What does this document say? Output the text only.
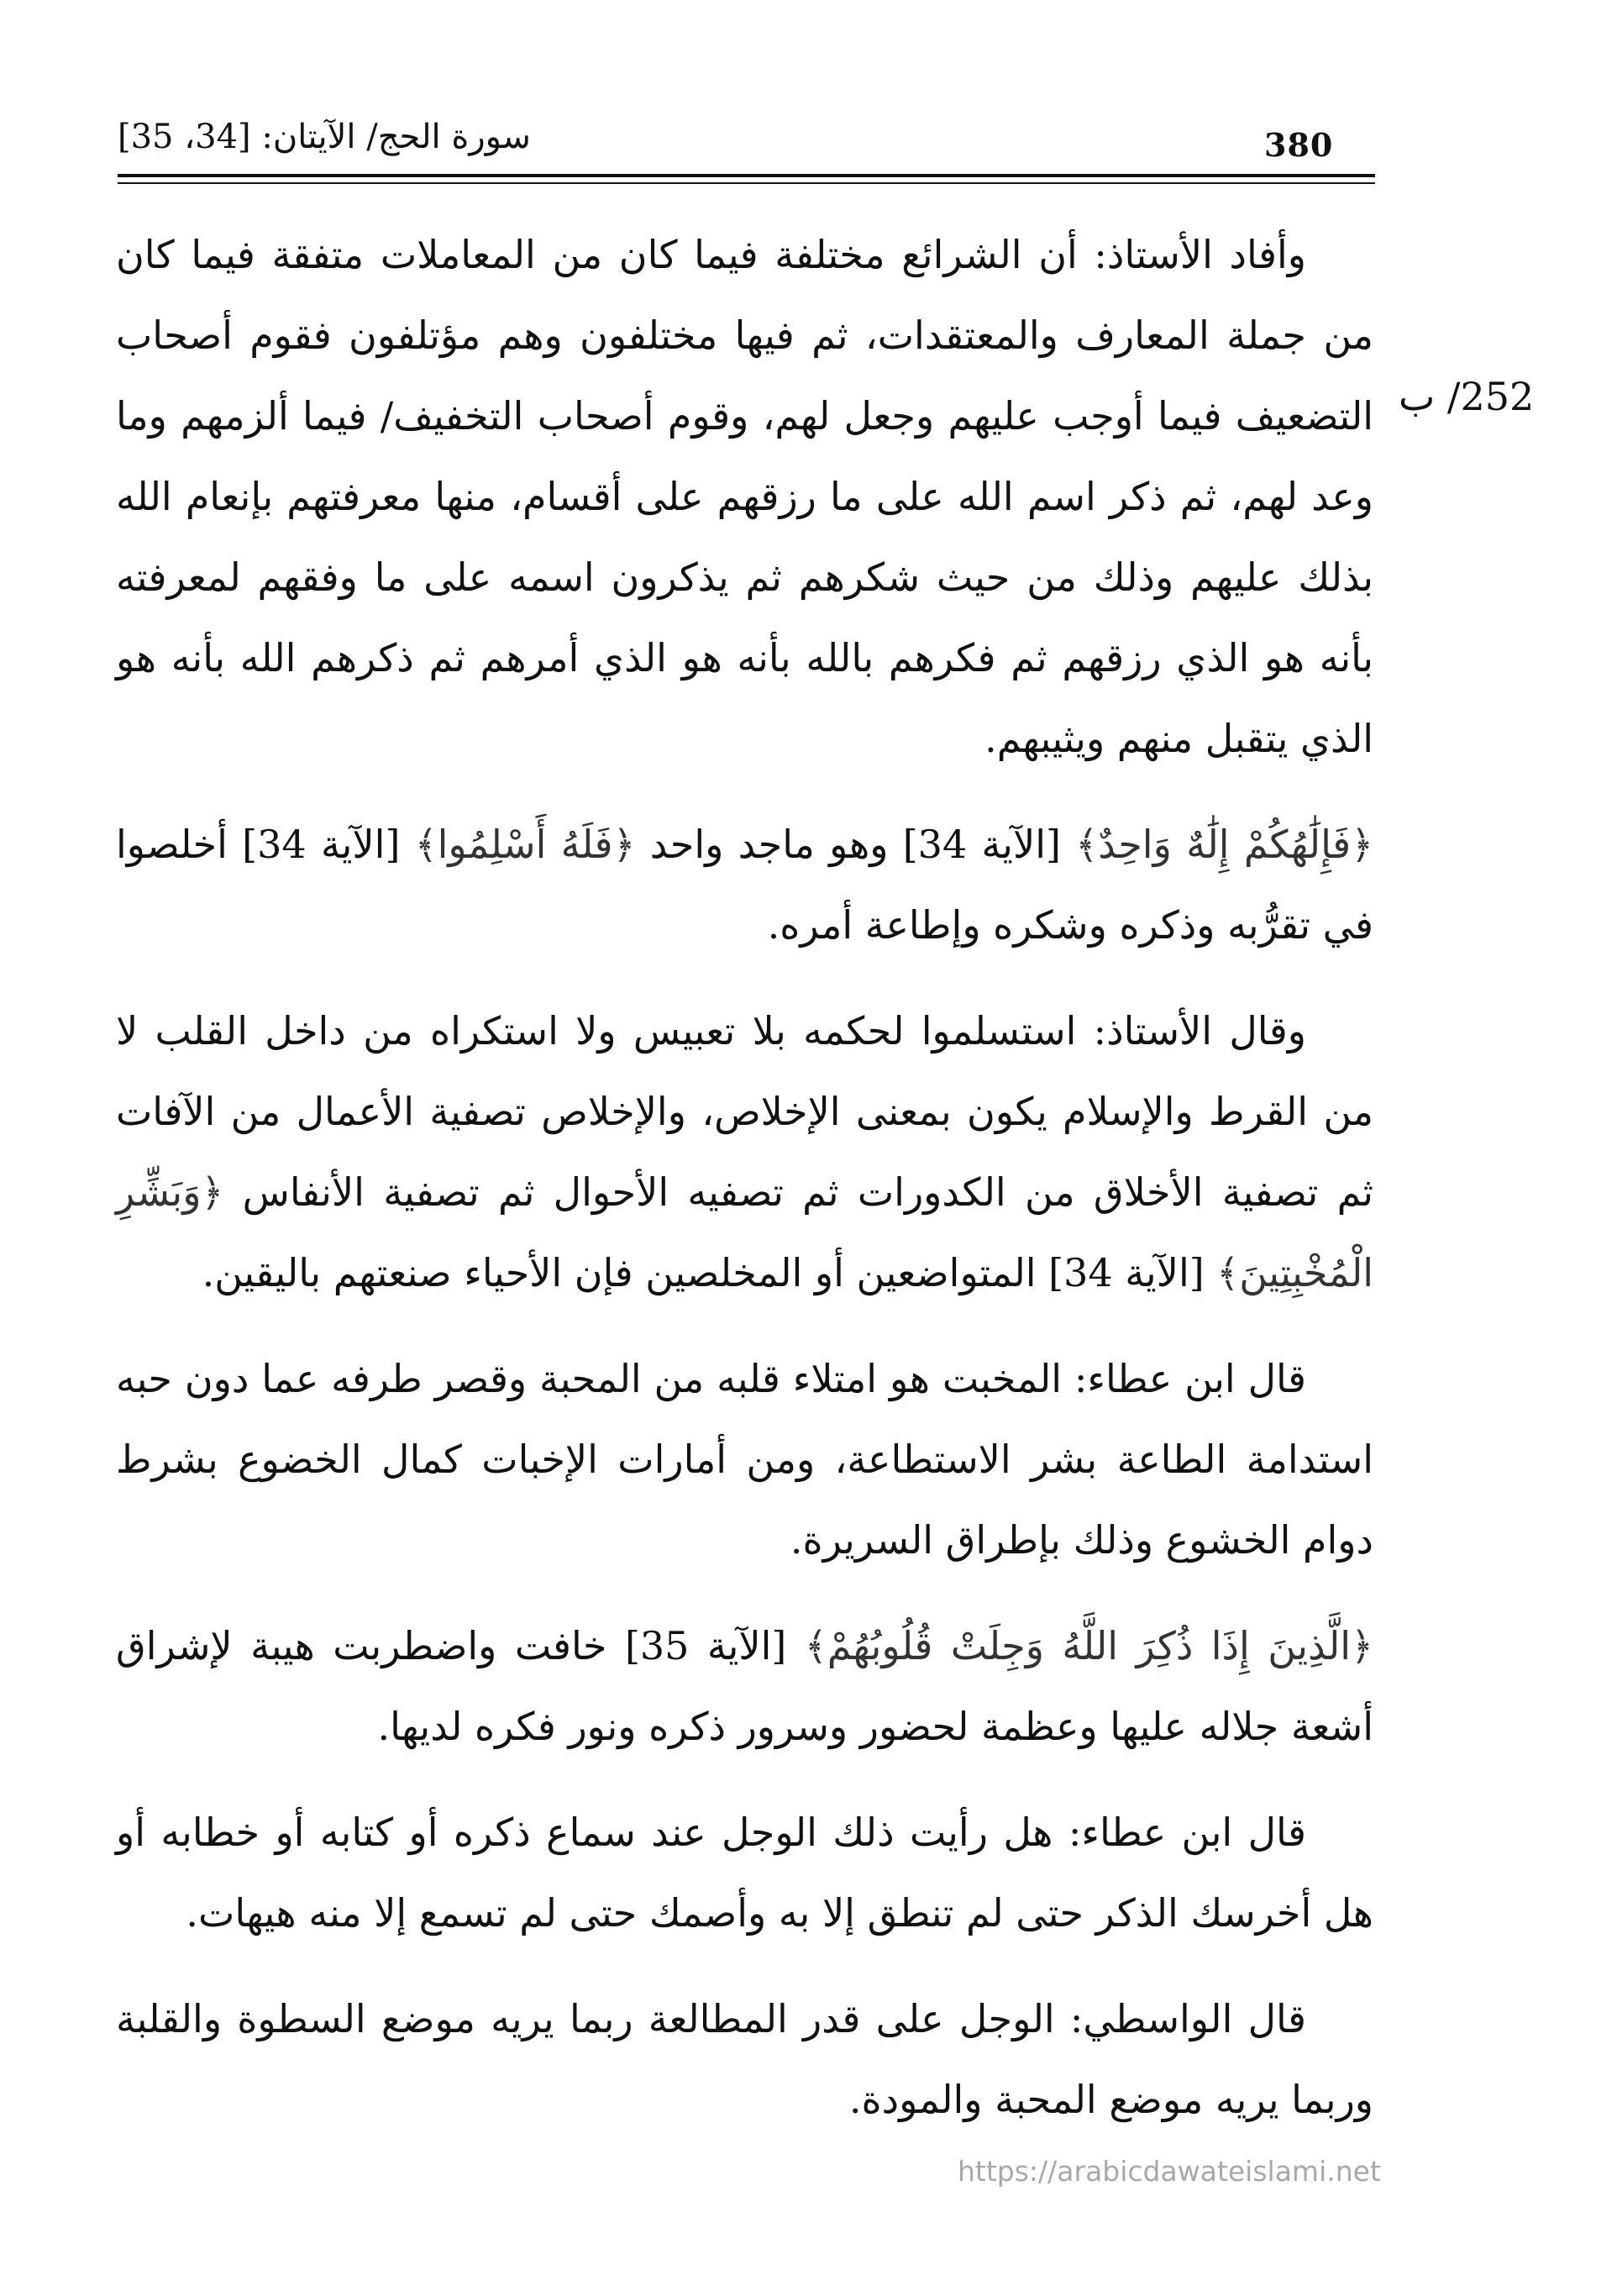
380
سورة الحج/ الآيتان: [34، 35]
252/ ب

وأفاد الأستاذ: أن الشرائع مختلفة فيما كان من المعاملات متفقة فيما كان من جملة المعارف والمعتقدات، ثم فيها مختلفون وهم مؤتلفون فقوم أصحاب التضعيف فيما أوجب عليهم وجعل لهم، وقوم أصحاب التخفيف/ فيما ألزمهم وما وعد لهم، ثم ذكر اسم الله على ما رزقهم على أقسام، منها معرفتهم بإنعام الله بذلك عليهم وذلك من حيث شكرهم ثم يذكرون اسمه على ما وفقهم لمعرفته بأنه هو الذي رزقهم ثم فكرهم بالله بأنه هو الذي أمرهم ثم ذكرهم الله بأنه هو الذي يتقبل منهم ويثيبهم.

﴿فَإِلَٰهُكُمْ إِلَٰهٌ وَاحِدٌ﴾ [الآية 34] وهو ماجد واحد ﴿فَلَهُ أَسْلِمُوا﴾ [الآية 34] أخلصوا في تقرُّبه وذكره وشكره وإطاعة أمره.

وقال الأستاذ: استسلموا لحكمه بلا تعبيس ولا استكراه من داخل القلب لا من القرط والإسلام يكون بمعنى الإخلاص، والإخلاص تصفية الأعمال من الآفات ثم تصفية الأخلاق من الكدورات ثم تصفيه الأحوال ثم تصفية الأنفاس ﴿وَبَشِّرِ الْمُخْبِتِينَ﴾ [الآية 34] المتواضعين أو المخلصين فإن الأحياء صنعتهم باليقين.

قال ابن عطاء: المخبت هو امتلاء قلبه من المحبة وقصر طرفه عما دون حبه استدامة الطاعة بشر الاستطاعة، ومن أمارات الإخبات كمال الخضوع بشرط دوام الخشوع وذلك بإطراق السريرة.

﴿الَّذِينَ إِذَا ذُكِرَ اللَّهُ وَجِلَتْ قُلُوبُهُمْ﴾ [الآية 35] خافت واضطربت هيبة لإشراق أشعة جلاله عليها وعظمة لحضور وسرور ذكره ونور فكره لديها.

قال ابن عطاء: هل رأيت ذلك الوجل عند سماع ذكره أو كتابه أو خطابه أو هل أخرسك الذكر حتى لم تنطق إلا به وأصمك حتى لم تسمع إلا منه هيهات.

قال الواسطي: الوجل على قدر المطالعة ربما يريه موضع السطوة والقلبة وربما يريه موضع المحبة والمودة.

https://arabicdawateislami.net
